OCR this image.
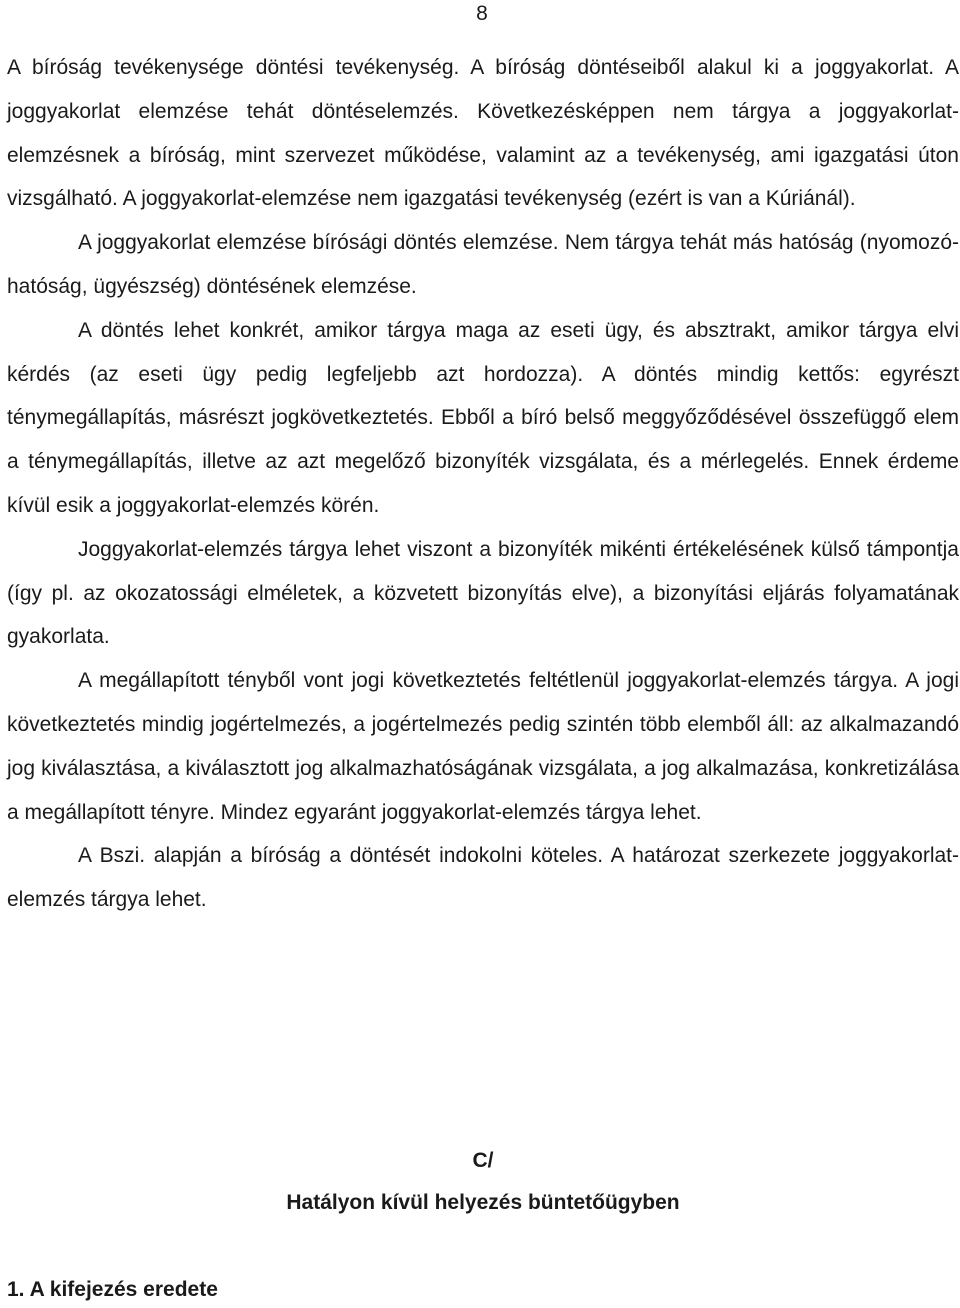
8

A bíróság tevékenysége döntési tevékenység. A bíróság döntéseiből alakul ki a joggyakorlat. A joggyakorlat elemzése tehát döntéselemzés. Következésképpen nem tárgya a joggyakorlat-elemzésnek a bíróság, mint szervezet működése, valamint az a tevékenység, ami igazgatási úton vizsgálható. A joggyakorlat-elemzése nem igazgatási tevékenység (ezért is van a Kúriánál).

A joggyakorlat elemzése bírósági döntés elemzése. Nem tárgya tehát más hatóság (nyomozó-hatóság, ügyészség) döntésének elemzése.

A döntés lehet konkrét, amikor tárgya maga az eseti ügy, és absztrakt, amikor tárgya elvi kérdés (az eseti ügy pedig legfeljebb azt hordozza). A döntés mindig kettős: egyrészt ténymegállapítás, másrészt jogkövetkeztetés. Ebből a bíró belső meggyőződésével összefüggő elem a ténymegállapítás, illetve az azt megelőző bizonyíték vizsgálata, és a mérlegelés. Ennek érdeme kívül esik a joggyakorlat-elemzés körén.

Joggyakorlat-elemzés tárgya lehet viszont a bizonyíték mikénti értékelésének külső támpontja (így pl. az okozatossági elméletek, a közvetett bizonyítás elve), a bizonyítási eljárás folyamatának gyakorlata.

A megállapított tényből vont jogi következtetés feltétlenül joggyakorlat-elemzés tárgya. A jogi következtetés mindig jogértelmezés, a jogértelmezés pedig szintén több elemből áll: az alkalmazandó jog kiválasztása, a kiválasztott jog alkalmazhatóságának vizsgálata, a jog alkalmazása, konkretizálása a megállapított tényre. Mindez egyaránt joggyakorlat-elemzés tárgya lehet.

A Bszi. alapján a bíróság a döntését indokolni köteles. A határozat szerkezete joggyakorlat-elemzés tárgya lehet.

C/
Hatályon kívül helyezés büntetőügyben
1. A kifejezés eredete
